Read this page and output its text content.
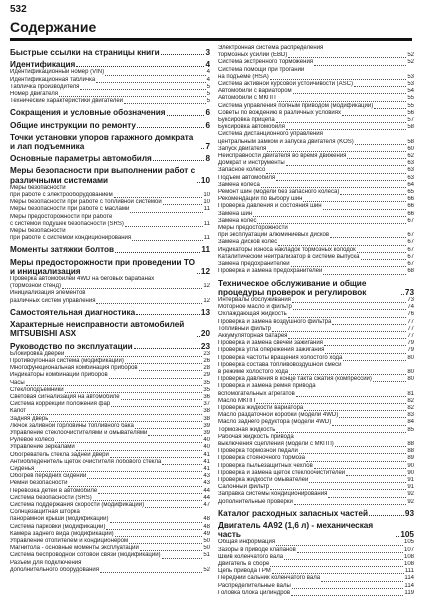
532
Содержание
Быстрые ссылки на страницы книги	3
Идентификация	4
Идентификационный номер (VIN)	4
Идентификационная табличка	4
Табличка производителя	5
Номер двигателя	5
Технические характеристики двигателей	5
Сокращения и условные обозначения	6
Общие инструкции по ремонту	6
Точки установки упоров гаражного домкрата и лап подъемника	7
Основные параметры автомобиля	8
Меры безопасности при выполнении работ с различными системами	10
Меры безопасности
при работе с электрооборудованием	10
Меры безопасности при работе с топливной системой	10
Меры безопасности при работе с маслами	11
Меры предосторожности при работе
с системой подушек безопасности (SRS)	11
Меры безопасности
при работе с системой кондиционирования	11
Моменты затяжки болтов	11
Меры предосторожности при проведении ТО и инициализация	12
Проверка автомобилей 4WD на беговых барабанах
(тормозной стенд)	12
Инициализация элементов
различных систем управления	12
Самостоятельная диагностика	13
Характерные неисправности автомобилей MITSUBISHI ASX	20
Руководство по эксплуатации	23
Блокировка дверей	23
Противоугонная система (модификации)	26
Многофункциональная комбинация приборов	28
Индикаторы комбинации приборов	29
Часы	35
Стеклоподъемники	35
Световая сигнализация на автомобиле	36
Система коррекции положения фар	37
Капот	38
Задняя дверь	38
Лючок заливной горловины топливного бака	39
Управление стеклоочистителями и омывателями	39
Рулевое колесо	40
Управление зеркалами	40
Обогреватель стекла задней двери	41
Антиобледенитель щеток очистителя лобового стекла	41
Сиденья	41
Обогрев передних сидений	43
Ремни безопасности	43
Перевозка детей в автомобиле	44
Система безопасности (SRS)	44
Система поддержания скорости (модификации)	47
Солнцезащитная шторка
панорамной крыши (модификации)	48
Система парковки (модификации)	48
Камера заднего вида (модификации)	49
Управление отопителем и кондиционером	50
Магнитола - основные моменты эксплуатации	50
Система беспроводной сотовой связи (модификации)	51
Разъем для подключения
дополнительного оборудования	52
Электронная система распределения
тормозных усилий (EBD)	52
Система экстренного торможения	52
Система помощи при трогании
на подъеме (HSA)	53
Система активной курсовой устойчивости (ASC)	53
Автомобили с вариатором	54
Автомобили с МКПП	55
Система управления полным приводом (модификации)	55
Советы по вождению в различных условиях	56
Буксировка прицепа	57
Буксировка автомобиля	58
Система дистанционного управления
центральным замком и запуска двигателя (KOS)	58
Запуск двигателя	60
Неисправности двигателя во время движения	62
Домкрат и инструменты	63
Запасное колесо	63
Подъем автомобиля	63
Замена колеса	64
Ремонт шин (модели без запасного колеса)	65
Рекомендации по выбору шин	66
Проверка давления и состояния шин	66
Замена шин	66
Замена колес	67
Меры предосторожности
при эксплуатации алюминиевых дисков	67
Замена дисков колес	67
Индикаторы износа накладок тормозных колодок	67
Каталитический нейтрализатор в системе выпуска	67
Замена предохранителей	67
Проверка и замена предохранителей	68
Техническое обслуживание и общие процедуры проверок и регулировок	73
Интервалы обслуживания	73
Моторное масло и фильтр	74
Охлаждающая жидкость	76
Проверка и замена воздушного фильтра	77
Топливный фильтр	77
Аккумуляторная батарея	77
Проверка и замена свечей зажигания	79
Проверка угла опережения зажигания	79
Проверка частоты вращения холостого хода	80
Проверка состава топливовоздушной смеси
в режиме холостого хода	80
Проверка давления в конце такта сжатия (компрессии)	80
Проверка и замена ремня привода
вспомогательных агрегатов	81
Масло МКПП	82
Проверка жидкости вариатора	82
Масло раздаточной коробки (модели 4WD)	83
Масло заднего редуктора (модели 4WD)	84
Тормозная жидкость	85
Рабочая жидкость привода
выключения сцепления (модели с МКПП)	88
Проверка тормозной педали	88
Проверка стояночного тормоза	89
Проверка пыльезащитных чехлов	90
Проверка и замена щеток стеклоочистителей	90
Проверка жидкости омывателей	91
Салонный фильтр	91
Заправка системы кондиционирования	92
Дополнительные проверки	92
Каталог расходных запасных частей	93
Двигатель 4А92 (1,6 л) - механическая часть	105
Общая информация	105
Зазоры в приводе клапанов	107
Шкив коленчатого вала	108
Двигатель в сборе	108
Цепь привода ГРМ	111
Передний сальник коленчатого вала	114
Распределительные валы	114
Головка блока цилиндров	119
